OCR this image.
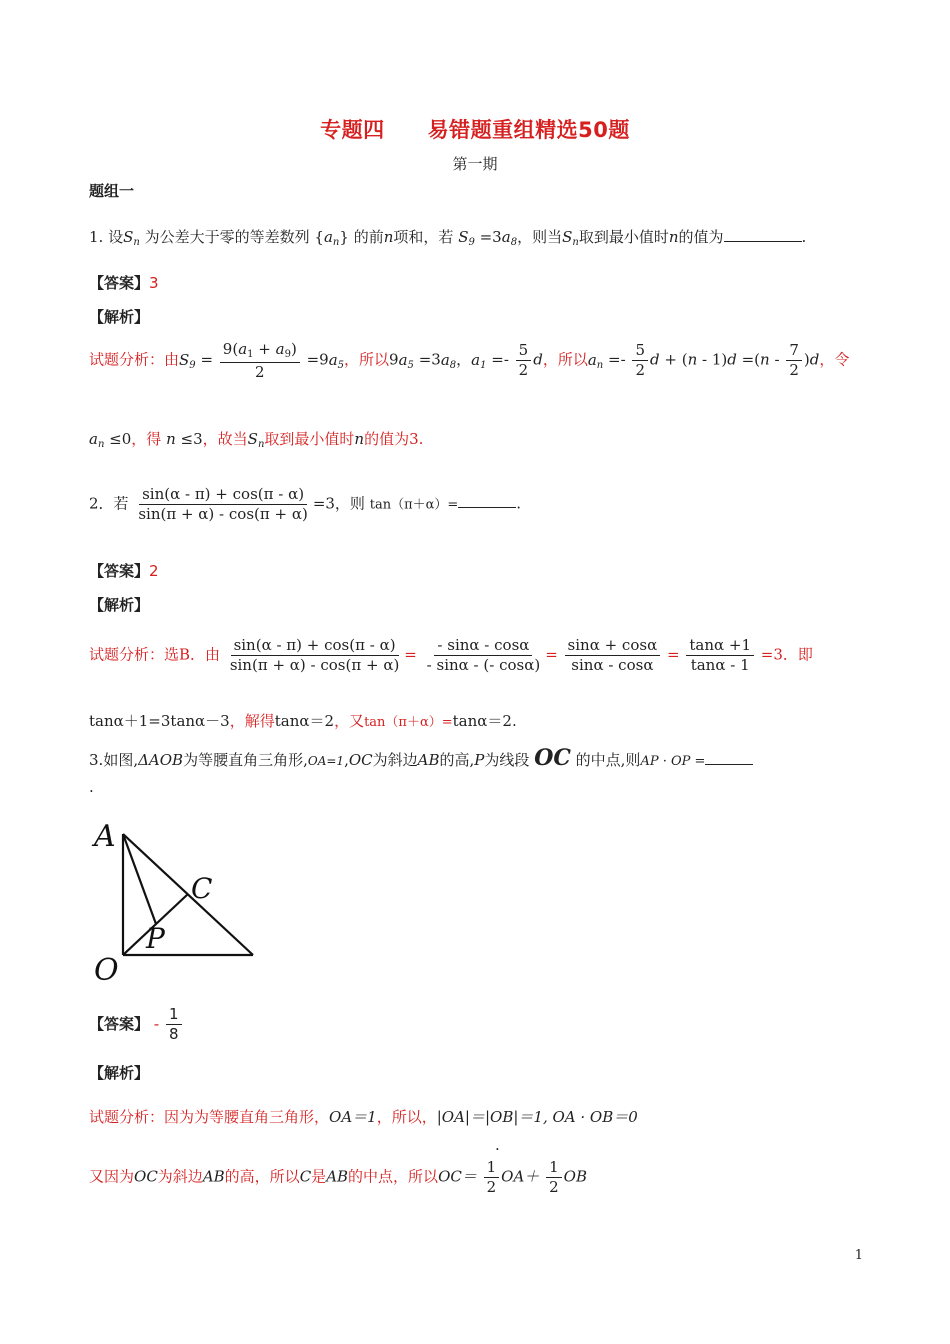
专题四　　易错题重组精选50题
第一期
题组一
1. 设$S_n$ 为公差大于零的等差数列 $\{a_n\}$ 的前n项和，若 $S_9 =3a_8$，则当$S_n$取到最小值时n的值为	.
【答案】3
【解析】
试题分析：由$S_9 = \frac{9(a_1 + a_9)}{2} =9a_5$，所以$9a_5 =3a_8$，$a_1 =- \frac{5}{2}$ d，所以$a_n =- \frac{5}{2}$ $d + (n - 1)d =(n - \frac{7}{2} )d$，令
$a_n \le 0$，得 n ≤3，故当$S_n$取到最小值时n的值为3.
2．若 $\frac{\sin(\alpha - \pi) + \cos(\pi - \alpha)}{\sin(\pi + \alpha) - \cos(\pi + \alpha)} =3$，则 tan（π＋α）=	.
【答案】2
【解析】
试题分析：选B．由 $\frac{\sin(\alpha - \pi) + \cos(\pi - \alpha)}{\sin(\pi + \alpha) - \cos(\pi + \alpha)} = \frac{- \sin\alpha - \cos\alpha}{- \sin\alpha - (- \cos\alpha)} = \frac{\sin\alpha + \cos\alpha}{\sin\alpha - \cos\alpha} = \frac{\tan\alpha +1}{\tan\alpha - 1} =3$．即
tanα＋1=3tanα－3，解得tanα＝2，又tan（π＋α）=tanα＝2.
3.如图,ΔAOB为等腰直角三角形,OA=1,OC为斜边AB的高,P为线段 OC 的中点,则AP · OP =
.
A
C
P
O
【答案】 - $\frac{1}{8}$
【解析】
试题分析：因为为等腰直角三角形，OA＝1，所以，|OA|＝|OB|＝1, OA · OB＝0
.
又因为OC为斜边AB的高，所以C是AB的中点，所以$OC= \frac{1}{2} OA+ \frac{1}{2}$ OB
1
